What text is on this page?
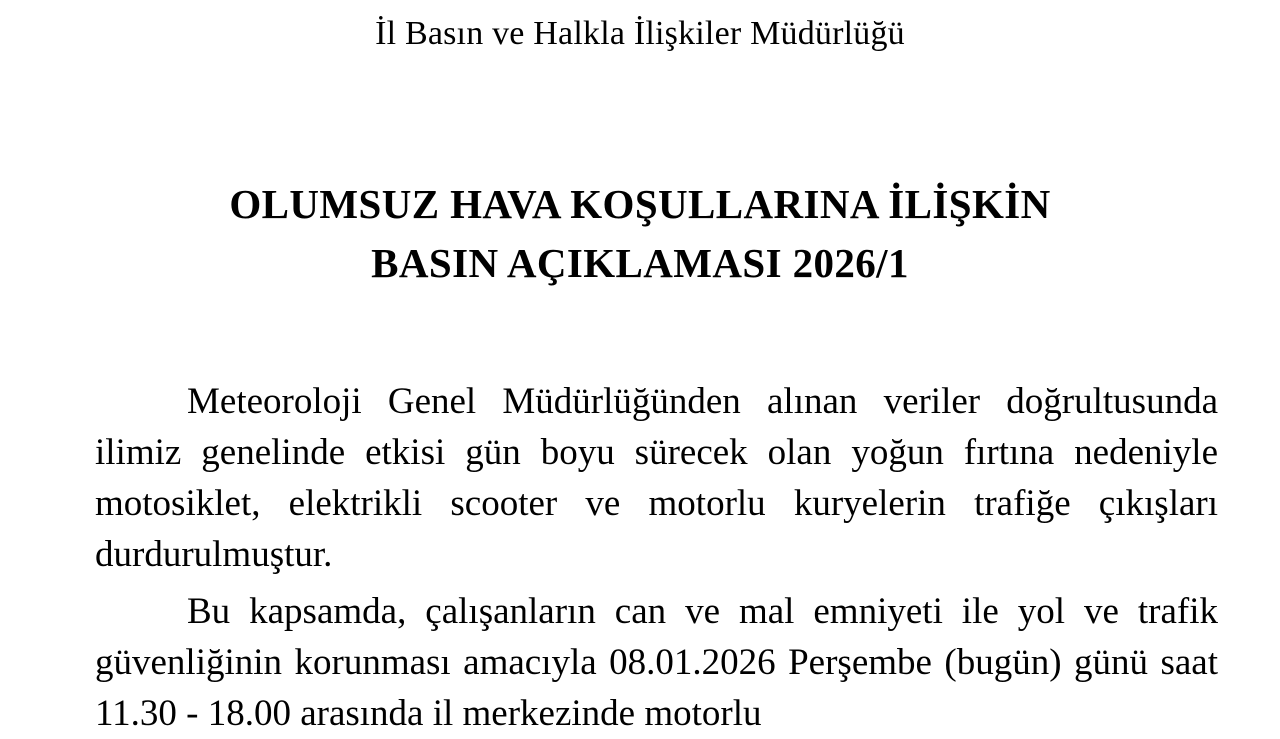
İl Basın ve Halkla İlişkiler Müdürlüğü
OLUMSUZ HAVA KOŞULLARINA İLİŞKİN
BASIN AÇIKLAMASI 2026/1

Meteoroloji Genel Müdürlüğünden alınan veriler doğrultusunda ilimiz genelinde etkisi gün boyu sürecek olan yoğun fırtına nedeniyle motosiklet, elektrikli scooter ve motorlu kuryelerin trafiğe çıkışları durdurulmuştur.

Bu kapsamda, çalışanların can ve mal emniyeti ile yol ve trafik güvenliğinin korunması amacıyla 08.01.2026 Perşembe (bugün) günü saat 11.30 - 18.00 arasında il merkezinde motorlu
